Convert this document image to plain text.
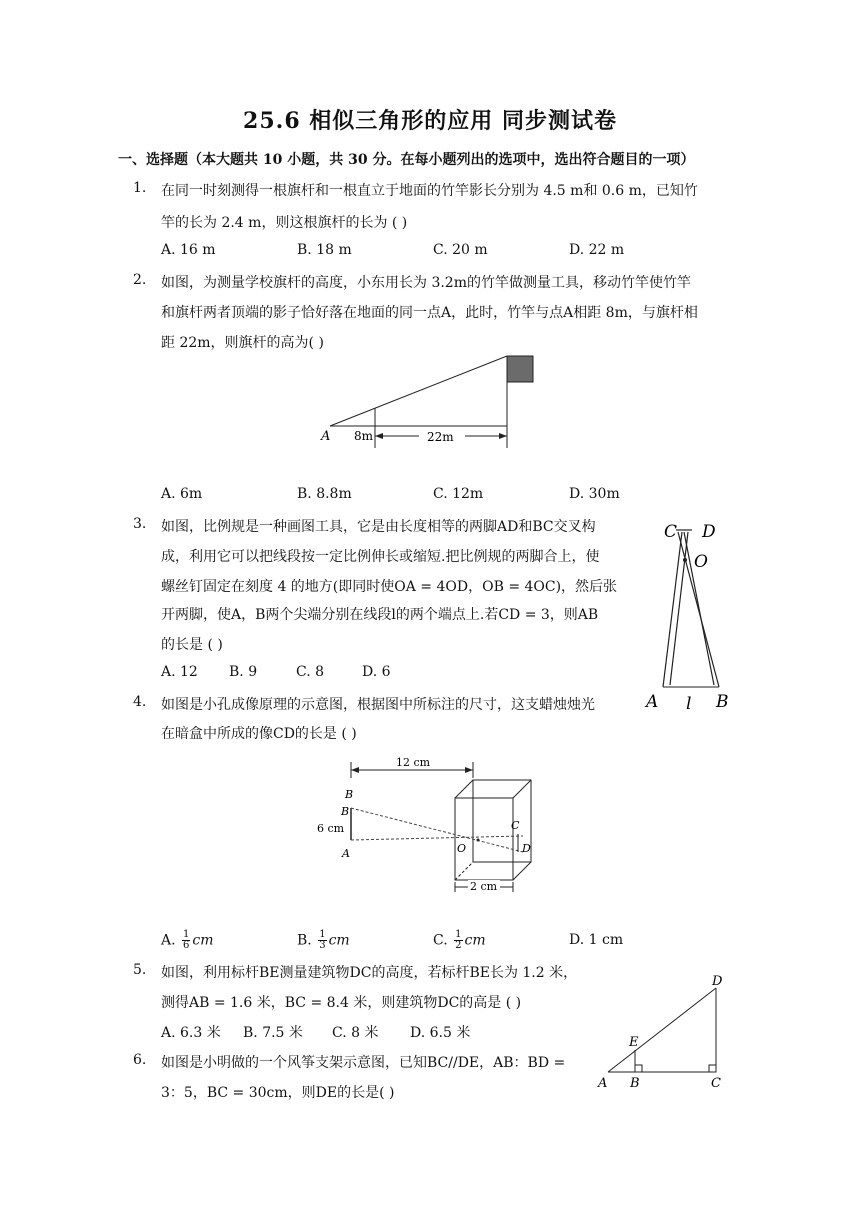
25.6 相似三角形的应用 同步测试卷
一、选择题（本大题共 10 小题，共 30 分。在每小题列出的选项中，选出符合题目的一项）
1. 在同一时刻测得一根旗杆和一根直立于地面的竹竿影长分别为 4.5 m和 0.6 m，已知竹
竿的长为 2.4 m，则这根旗杆的长为 ( )
A. 16 m	B. 18 m	C. 20 m	D. 22 m
2. 如图，为测量学校旗杆的高度，小东用长为 3.2m的竹竿做测量工具，移动竹竿使竹竿
和旗杆两者顶端的影子恰好落在地面的同一点A，此时，竹竿与点A相距 8m，与旗杆相
距 22m，则旗杆的高为( )
A 8m	22m
A. 6m	B. 8.8m	C. 12m	D. 30m
3. 如图，比例规是一种画图工具，它是由长度相等的两脚AD和BC交叉构
成，利用它可以把线段按一定比例伸长或缩短.把比例规的两脚合上，使
螺丝钉固定在刻度 4 的地方(即同时使OA = 4OD，OB = 4OC)，然后张
开两脚，使A，B两个尖端分别在线段l的两个端点上.若CD = 3，则AB
的长是 ( )
A. 12 B. 9	C. 8	D. 6
C D
O
A l B
4. 如图是小孔成像原理的示意图，根据图中所标注的尺寸，这支蜡烛烛光
在暗盒中所成的像CD的长是 ( )
12 cm
B
B
6 cm
A
C
O	D
2 cm
A. $\frac{1}{6}$ cm	B. $\frac{1}{3}$ cm	C. $\frac{1}{2}$ cm	D. 1 cm
5. 如图，利用标杆BE测量建筑物DC的高度，若标杆BE长为 1.2 米，
测得AB = 1.6 米，BC = 8.4 米，则建筑物DC的高是 ( )
A. 6.3 米 B. 7.5 米 C. 8 米 D. 6.5 米
D
E
A B	C
6. 如图是小明做的一个风筝支架示意图，已知BC//DE，AB：BD =
3：5，BC = 30cm，则DE的长是( )
